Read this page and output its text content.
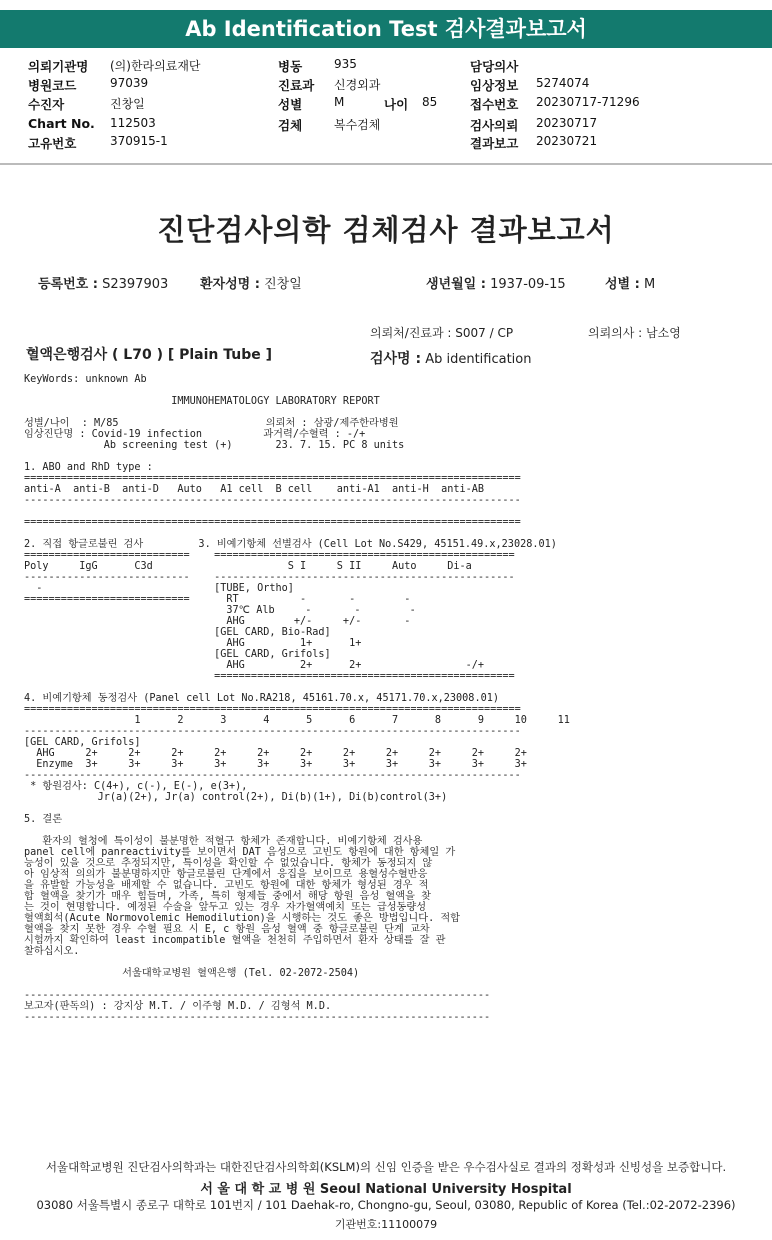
Ab Identification Test 검사결과보고서
의뢰기관명 (의)한라의료재단
병원코드	97039
수진자	진창일
Chart No. 112503
고유번호	370915-1
병동	935
진료과 신경외과
성별	M	나이 85
검체	복수검체
담당의사
임상정보 5274074
접수번호 20230717-71296
검사의뢰 20230717
결과보고 20230721
진단검사의학 검체검사 결과보고서
등록번호 : S2397903 환자성명 : 진창일	생년월일 : 1937-09-15	성별 : M
의뢰처/진료과 : S007 / CP	의뢰의사 : 남소영
혈액은행검사 ( L70 ) [ Plain Tube ]	검사명 : Ab identification
KeyWords: unknown Ab

IMMUNOHEMATOLOGY LABORATORY REPORT

성별/나이  : M/85                        의뢰처 : 삼광/제주한라병원
임상진단명 : Covid-19 infection          과거력/수혈력 : -/+
Ab screening test (+)       23. 7. 15. PC 8 units

1. ABO and RhD type :
=================================================================================
anti-A  anti-B  anti-D   Auto   A1 cell  B cell    anti-A1  anti-H  anti-AB
---------------------------------------------------------------------------------

=================================================================================

2. 직접 항글로불린 검사         3. 비예기항체 선별검사 (Cell Lot No.S429, 45151.49.x,23028.01)
===========================    =================================================
Poly     IgG      C3d                      S I     S II     Auto     Di-a
---------------------------    -------------------------------------------------
-                            [TUBE, Ortho]
===========================      RT          -       -        -
37℃ Alb     -       -        -
AHG        +/-     +/-       -
[GEL CARD, Bio-Rad]
AHG         1+      1+
[GEL CARD, Grifols]
AHG         2+      2+                 -/+
=================================================

4. 비예기항체 동정검사 (Panel cell Lot No.RA218, 45161.70.x, 45171.70.x,23008.01)
=================================================================================
1      2      3      4      5      6      7      8      9     10     11
---------------------------------------------------------------------------------
[GEL CARD, Grifols]
AHG     2+     2+     2+     2+     2+     2+     2+     2+     2+     2+     2+
Enzyme  3+     3+     3+     3+     3+     3+     3+     3+     3+     3+     3+
---------------------------------------------------------------------------------
* 항원검사: C(4+), c(-), E(-), e(3+),
Jr(a)(2+), Jr(a) control(2+), Di(b)(1+), Di(b)control(3+)

5. 결론

환자의 혈청에 특이성이 불분명한 적혈구 항체가 존재합니다. 비예기항체 검사용
panel cell에 panreactivity를 보이면서 DAT 음성으로 고빈도 항원에 대한 항체일 가
능성이 있을 것으로 추정되지만, 특이성을 확인할 수 없었습니다. 항체가 동정되지 않
아 임상적 의의가 불분명하지만 항글로불린 단계에서 응집을 보이므로 용혈성수혈반응
을 유발할 가능성을 배제할 수 없습니다. 고빈도 항원에 대한 항체가 형성된 경우 적
합 혈액을 찾기가 매우 힘들며, 가족, 특히 형제들 중에서 해당 항원 음성 혈액을 찾
는 것이 현명합니다. 예정된 수술을 앞두고 있는 경우 자가혈액예치 또는 급성동량성
혈액희석(Acute Normovolemic Hemodilution)을 시행하는 것도 좋은 방법입니다. 적합
혈액을 찾지 못한 경우 수혈 필요 시 E, c 항원 음성 혈액 중 항글로불린 단계 교차
시험까지 확인하여 least incompatible 혈액을 천천히 주입하면서 환자 상태를 잘 관
찰하십시오.

서울대학교병원 혈액은행 (Tel. 02-2072-2504)

----------------------------------------------------------------------------
보고자(판독의) : 강지상 M.T. / 이주형 M.D. / 김형석 M.D.
----------------------------------------------------------------------------
서울대학교병원 진단검사의학과는 대한진단검사의학회(KSLM)의 신임 인증을 받은 우수검사실로 결과의 정확성과 신빙성을 보증합니다.
서 울 대 학 교 병 원 Seoul National University Hospital
03080 서울특별시 종로구 대학로 101번지 / 101 Daehak-ro, Chongno-gu, Seoul, 03080, Republic of Korea (Tel.:02-2072-2396)
기관번호:11100079
